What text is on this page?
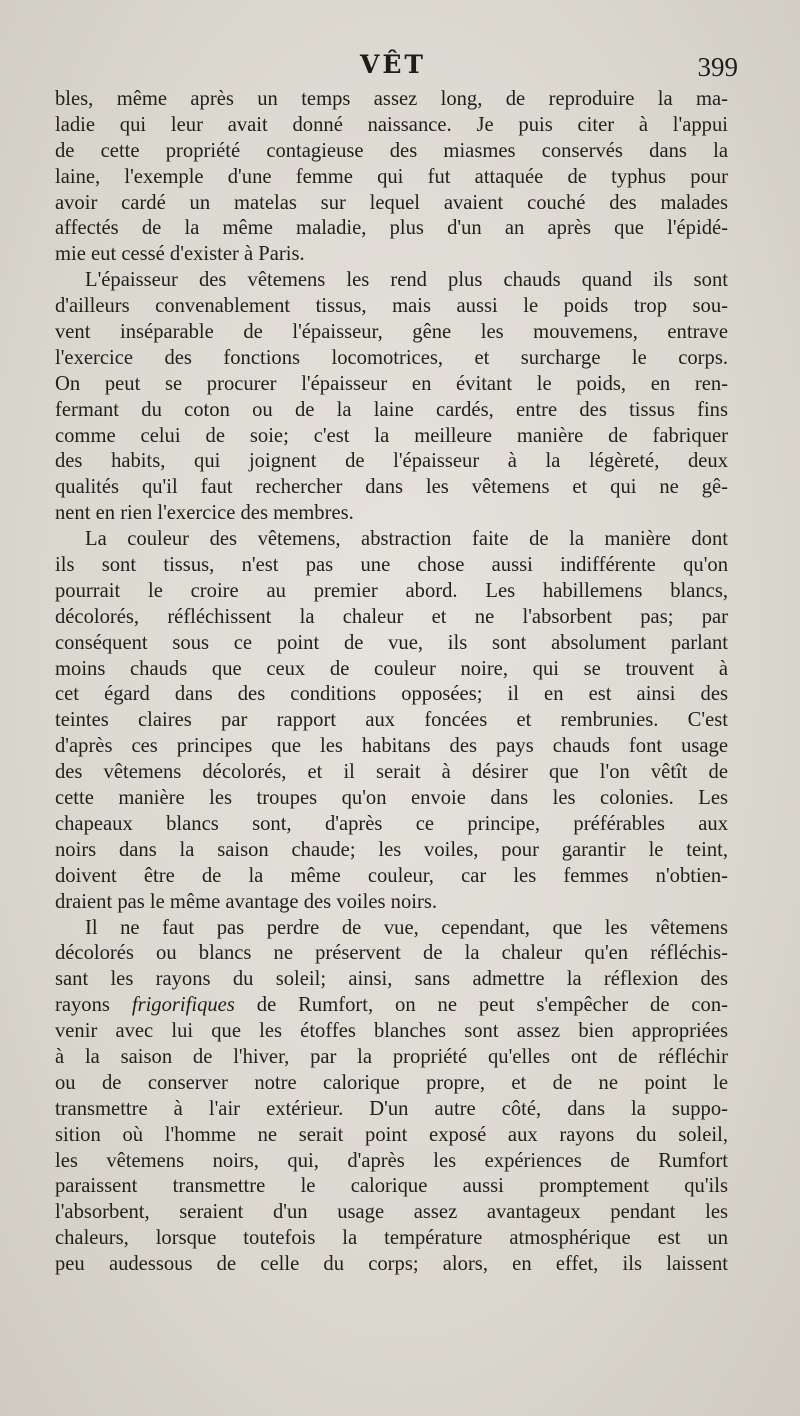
VÊT	399
bles, même après un temps assez long, de reproduire la ma-
ladie qui leur avait donné naissance. Je puis citer à l'appui
de cette propriété contagieuse des miasmes conservés dans la
laine, l'exemple d'une femme qui fut attaquée de typhus pour
avoir cardé un matelas sur lequel avaient couché des malades
affectés de la même maladie, plus d'un an après que l'épidé-
mie eut cessé d'exister à Paris.
L'épaisseur des vêtemens les rend plus chauds quand ils sont
d'ailleurs convenablement tissus, mais aussi le poids trop sou-
vent inséparable de l'épaisseur, gêne les mouvemens, entrave
l'exercice des fonctions locomotrices, et surcharge le corps.
On peut se procurer l'épaisseur en évitant le poids, en ren-
fermant du coton ou de la laine cardés, entre des tissus fins
comme celui de soie; c'est la meilleure manière de fabriquer
des habits, qui joignent de l'épaisseur à la légèreté, deux
qualités qu'il faut rechercher dans les vêtemens et qui ne gê-
nent en rien l'exercice des membres.
La couleur des vêtemens, abstraction faite de la manière dont
ils sont tissus, n'est pas une chose aussi indifférente qu'on
pourrait le croire au premier abord. Les habillemens blancs,
décolorés, réfléchissent la chaleur et ne l'absorbent pas; par
conséquent sous ce point de vue, ils sont absolument parlant
moins chauds que ceux de couleur noire, qui se trouvent à
cet égard dans des conditions opposées; il en est ainsi des
teintes claires par rapport aux foncées et rembrunies. C'est
d'après ces principes que les habitans des pays chauds font usage
des vêtemens décolorés, et il serait à désirer que l'on vêtît de
cette manière les troupes qu'on envoie dans les colonies. Les
chapeaux blancs sont, d'après ce principe, préférables aux
noirs dans la saison chaude; les voiles, pour garantir le teint,
doivent être de la même couleur, car les femmes n'obtien-
draient pas le même avantage des voiles noirs.
Il ne faut pas perdre de vue, cependant, que les vêtemens
décolorés ou blancs ne préservent de la chaleur qu'en réfléchis-
sant les rayons du soleil; ainsi, sans admettre la réflexion des
rayons frigorifiques de Rumfort, on ne peut s'empêcher de con-
venir avec lui que les étoffes blanches sont assez bien appropriées
à la saison de l'hiver, par la propriété qu'elles ont de réfléchir
ou de conserver notre calorique propre, et de ne point le
transmettre à l'air extérieur. D'un autre côté, dans la suppo-
sition où l'homme ne serait point exposé aux rayons du soleil,
les vêtemens noirs, qui, d'après les expériences de Rumfort
paraissent transmettre le calorique aussi promptement qu'ils
l'absorbent, seraient d'un usage assez avantageux pendant les
chaleurs, lorsque toutefois la température atmosphérique est un
peu audessous de celle du corps; alors, en effet, ils laissent
